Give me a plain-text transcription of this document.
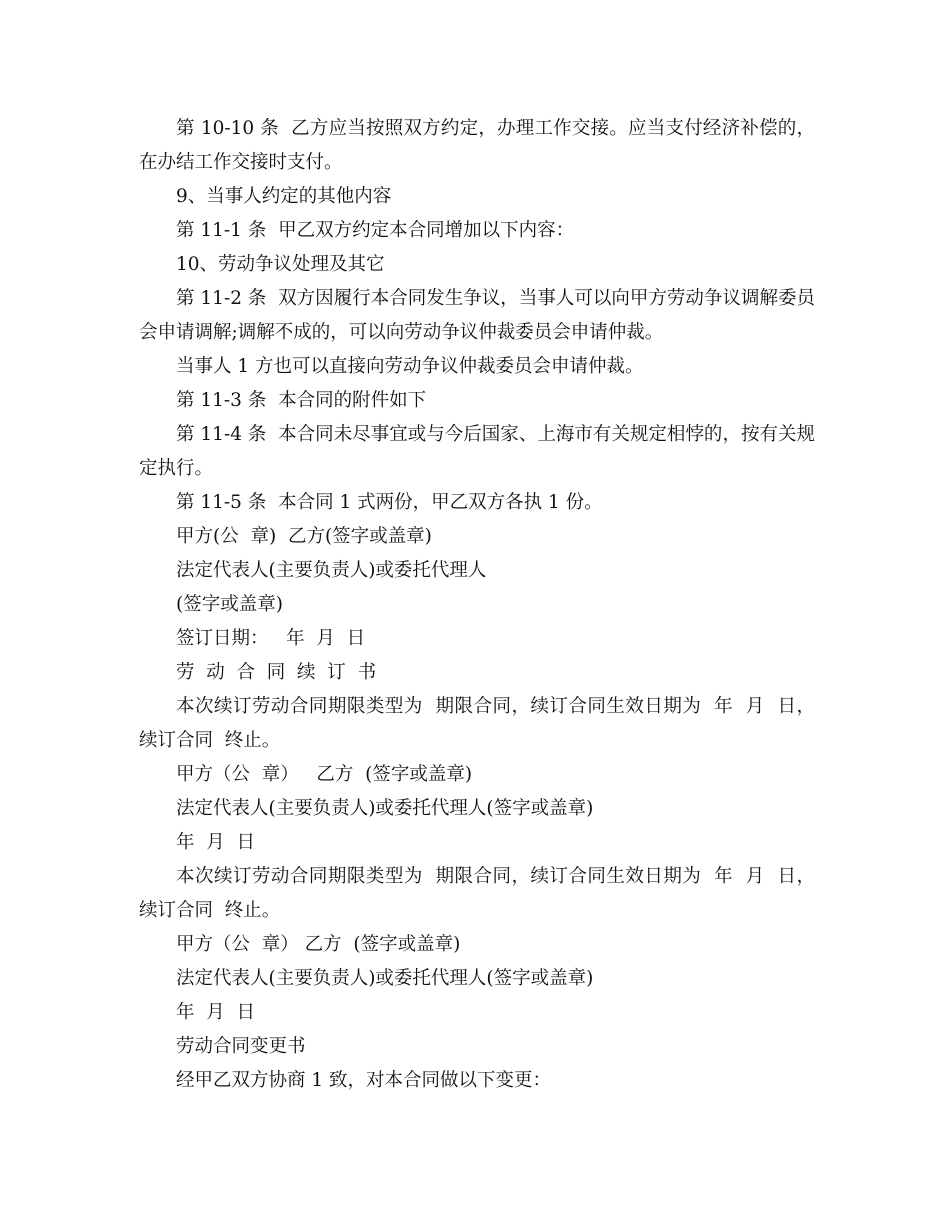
第 10-10 条  乙方应当按照双方约定，办理工作交接。应当支付经济补偿的，在办结工作交接时支付。

9、当事人约定的其他内容

第 11-1 条  甲乙双方约定本合同增加以下内容：

10、劳动争议处理及其它

第 11-2 条  双方因履行本合同发生争议，当事人可以向甲方劳动争议调解委员会申请调解;调解不成的，可以向劳动争议仲裁委员会申请仲裁。

当事人 1 方也可以直接向劳动争议仲裁委员会申请仲裁。

第 11-3 条  本合同的附件如下

第 11-4 条  本合同未尽事宜或与今后国家、上海市有关规定相悖的，按有关规定执行。

第 11-5 条  本合同 1 式两份，甲乙双方各执 1 份。

甲方(公  章)  乙方(签字或盖章)

法定代表人(主要负责人)或委托代理人

(签字或盖章)

签订日期：   年  月  日

劳  动  合  同  续  订  书

本次续订劳动合同期限类型为  期限合同，续订合同生效日期为  年  月  日，续订合同  终止。

甲方（公  章）   乙方  (签字或盖章)

法定代表人(主要负责人)或委托代理人(签字或盖章)

年  月  日

本次续订劳动合同期限类型为  期限合同，续订合同生效日期为  年  月  日，续订合同  终止。

甲方（公  章） 乙方  (签字或盖章)

法定代表人(主要负责人)或委托代理人(签字或盖章)

年  月  日

劳动合同变更书

经甲乙双方协商 1 致，对本合同做以下变更：
